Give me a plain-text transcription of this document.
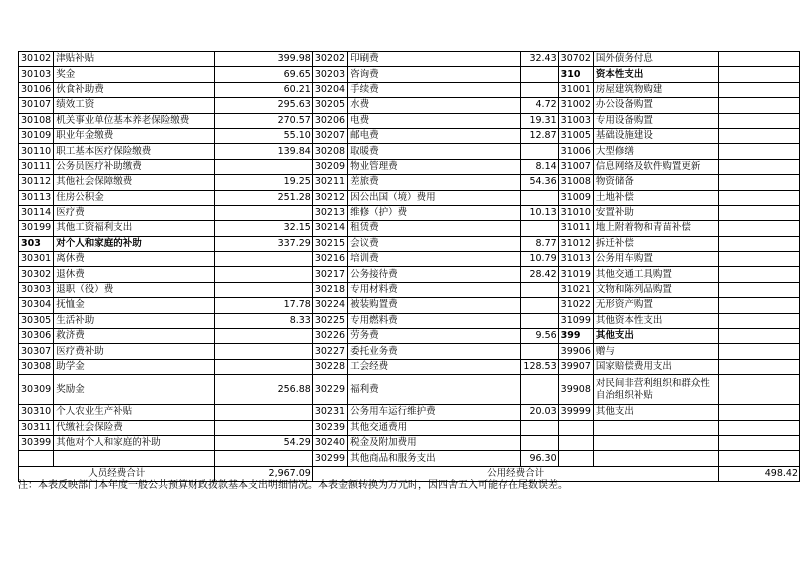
30102	津贴补贴	399.98	30202	印刷费	32.43	30702	国外债务付息	
30103	奖金	69.65	30203	咨询费		310	资本性支出	
30106	伙食补助费	60.21	30204	手续费		31001	房屋建筑物购建	
30107	绩效工资	295.63	30205	水费	4.72	31002	办公设备购置	
30108	机关事业单位基本养老保险缴费	270.57	30206	电费	19.31	31003	专用设备购置	
30109	职业年金缴费	55.10	30207	邮电费	12.87	31005	基础设施建设	
30110	职工基本医疗保险缴费	139.84	30208	取暖费		31006	大型修缮	
30111	公务员医疗补助缴费		30209	物业管理费	8.14	31007	信息网络及软件购置更新	
30112	其他社会保障缴费	19.25	30211	差旅费	54.36	31008	物资储备	
30113	住房公积金	251.28	30212	因公出国（境）费用		31009	土地补偿	
30114	医疗费		30213	维修（护）费	10.13	31010	安置补助	
30199	其他工资福利支出	32.15	30214	租赁费		31011	地上附着物和青苗补偿	
303	对个人和家庭的补助	337.29	30215	会议费	8.77	31012	拆迁补偿	
30301	离休费		30216	培训费	10.79	31013	公务用车购置	
30302	退休费		30217	公务接待费	28.42	31019	其他交通工具购置	
30303	退职（役）费		30218	专用材料费		31021	文物和陈列品购置	
30304	抚恤金	17.78	30224	被装购置费		31022	无形资产购置	
30305	生活补助	8.33	30225	专用燃料费		31099	其他资本性支出	
30306	救济费		30226	劳务费	9.56	399	其他支出	
30307	医疗费补助		30227	委托业务费		39906	赠与	
30308	助学金		30228	工会经费	128.53	39907	国家赔偿费用支出	
30309	奖励金	256.88	30229	福利费		39908	对民间非营利组织和群众性自治组织补贴	
30310	个人农业生产补贴		30231	公务用车运行维护费	20.03	39999	其他支出	
30311	代缴社会保险费		30239	其他交通费用				
30399	其他对个人和家庭的补助	54.29	30240	税金及附加费用				
			30299	其他商品和服务支出	96.30			
人员经费合计		2,967.09	公用经费合计					498.42
注：本表反映部门本年度一般公共预算财政拨款基本支出明细情况。本表金额转换为万元时，因四舍五入可能存在尾数误差。
